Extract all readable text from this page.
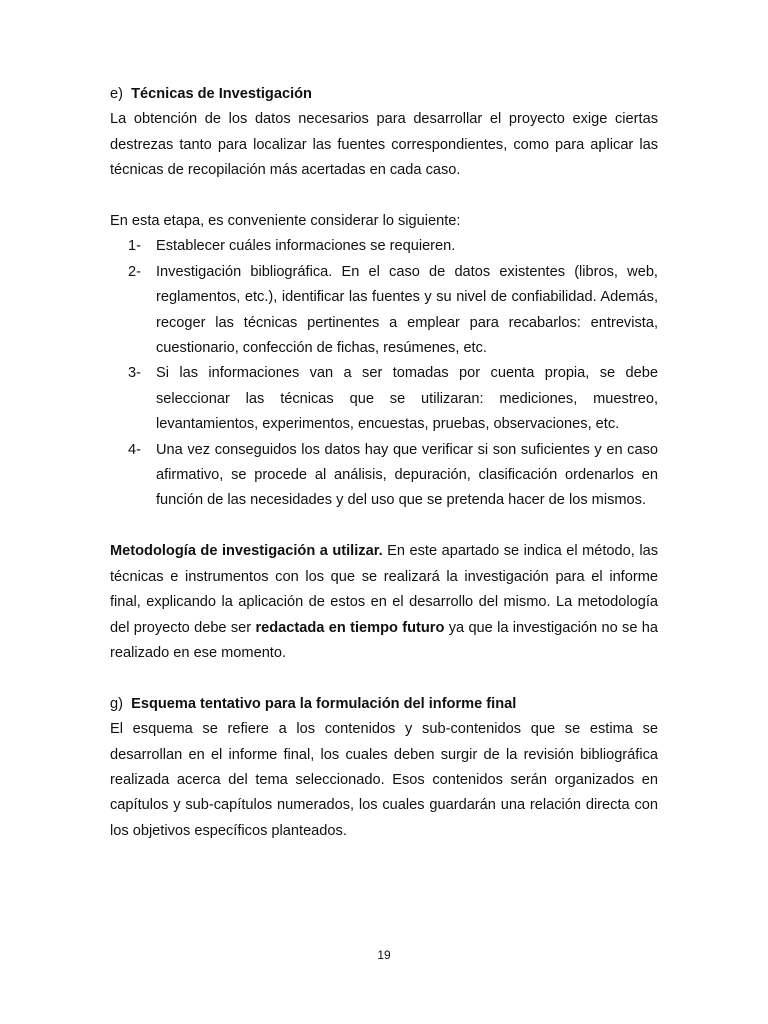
e) Técnicas de Investigación

La obtención de los datos necesarios para desarrollar el proyecto exige ciertas destrezas tanto para localizar las fuentes correspondientes, como para aplicar las técnicas de recopilación más acertadas en cada caso.

En esta etapa, es conveniente considerar lo siguiente:

1- Establecer cuáles informaciones se requieren.
2- Investigación bibliográfica. En el caso de datos existentes (libros, web, reglamentos, etc.), identificar las fuentes y su nivel de confiabilidad. Además, recoger las técnicas pertinentes a emplear para recabarlos: entrevista, cuestionario, confección de fichas, resúmenes, etc.
3- Si las informaciones van a ser tomadas por cuenta propia, se debe seleccionar las técnicas que se utilizaran: mediciones, muestreo, levantamientos, experimentos, encuestas, pruebas, observaciones, etc.
4- Una vez conseguidos los datos hay que verificar si son suficientes y en caso afirmativo, se procede al análisis, depuración, clasificación ordenarlos en función de las necesidades y del uso que se pretenda hacer de los mismos.

Metodología de investigación a utilizar. En este apartado se indica el método, las técnicas e instrumentos con los que se realizará la investigación para el informe final, explicando la aplicación de estos en el desarrollo del mismo. La metodología del proyecto debe ser redactada en tiempo futuro ya que la investigación no se ha realizado en ese momento.

g) Esquema tentativo para la formulación del informe final

El esquema se refiere a los contenidos y sub-contenidos que se estima se desarrollan en el informe final, los cuales deben surgir de la revisión bibliográfica realizada acerca del tema seleccionado. Esos contenidos serán organizados en capítulos y sub-capítulos numerados, los cuales guardarán una relación directa con los objetivos específicos planteados.

19
